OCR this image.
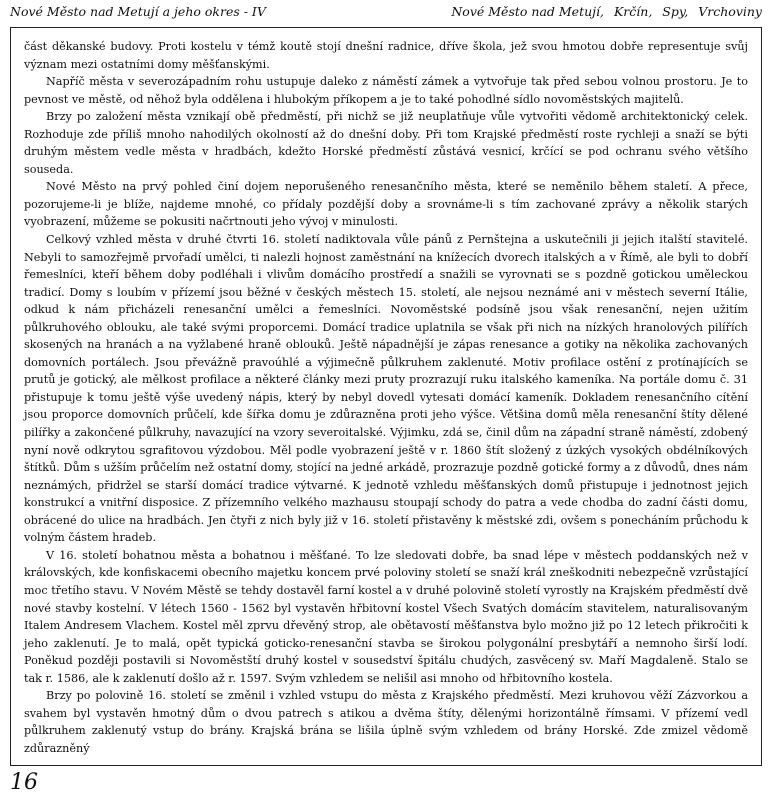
Nové Město nad Metují a jeho okres - IV	Nové Město nad Metují, Krčín, Spy, Vrchoviny

část děkanské budovy. Proti kostelu v témž koutě stojí dnešní radnice, dříve škola, jež svou hmotou dobře representuje svůj význam mezi ostatními domy měšťanskými.

Napříč města v severozápadním rohu ustupuje daleko z náměstí zámek a vytvořuje tak před sebou volnou prostoru. Je to pevnost ve městě, od něhož byla oddělena i hlubokým příkopem a je to také pohodlné sídlo novoměstských majitelů.

Brzy po založení města vznikají obě předměstí, při nichž se již neuplatňuje vůle vytvořiti vědomě architektonický celek. Rozhoduje zde příliš mnoho nahodilých okolností až do dnešní doby. Při tom Krajské předměstí roste rychleji a snaží se býti druhým městem vedle města v hradbách, kdežto Horské předměstí zůstává vesnicí, krčící se pod ochranu svého většího souseda.

Nové Město na prvý pohled činí dojem neporušeného renesančního města, které se neměnilo během staletí. A přece, pozorujeme-li je blíže, najdeme mnohé, co přídaly pozdější doby a srovnáme-li s tím zachované zprávy a několik starých vyobrazení, můžeme se pokusiti načrtnouti jeho vývoj v minulosti.

Celkový vzhled města v druhé čtvrti 16. století nadiktovala vůle pánů z Pernštejna a uskutečnili ji jejich italští stavitelé. Nebyli to samozřejmě prvořadí umělci, ti nalezli hojnost zaměstnání na knížecích dvorech italských a v Římě, ale byli to dobří řemeslníci, kteří během doby podléhali i vlivům domácího prostředí a snažili se vyrovnati se s pozdně gotickou uměleckou tradicí. Domy s loubím v přízemí jsou běžné v českých městech 15. století, ale nejsou neznámé ani v městech severní Itálie, odkud k nám přicházeli renesanční umělci a řemeslníci. Novoměstské podsíně jsou však renesanční, nejen užitím půlkruhového oblouku, ale také svými proporcemi. Domácí tradice uplatnila se však při nich na nízkých hranolových pilířích skosených na hranách a na vyžlabené hraně oblouků. Ještě nápadnější je zápas renesance a gotiky na několika zachovaných domovních portálech. Jsou převážně pravoúhlé a výjimečně půlkruhem zaklenuté. Motiv profilace ostění z protínajících se prutů je gotický, ale mělkost profilace a některé články mezi pruty prozrazují ruku italského kameníka. Na portále domu č. 31 přistupuje k tomu ještě výše uvedený nápis, který by nebyl dovedl vytesati domácí kameník. Dokladem renesančního cítění jsou proporce domovních průčelí, kde šířka domu je zdůrazněna proti jeho výšce. Většina domů měla renesanční štíty dělené pilířky a zakončené půlkruhy, navazující na vzory severoitalské. Výjimku, zdá se, činil dům na západní straně náměstí, zdobený nyní nově odkrytou sgrafitovou výzdobou. Měl podle vyobrazení ještě v r. 1860 štít složený z úzkých vysokých obdélníkových štítků. Dům s užším průčelím než ostatní domy, stojící na jedné arkádě, prozrazuje pozdně gotické formy a z důvodů, dnes nám neznámých, přidržel se starší domácí tradice výtvarné. K jednotě vzhledu měšťanských domů přistupuje i jednotnost jejich konstrukcí a vnitřní disposice. Z přízemního velkého mazhausu stoupají schody do patra a vede chodba do zadní části domu, obrácené do ulice na hradbách. Jen čtyři z nich byly již v 16. století přistavěny k městské zdi, ovšem s ponecháním průchodu k volným částem hradeb.

V 16. století bohatnou města a bohatnou i měšťané. To lze sledovati dobře, ba snad lépe v městech poddanských než v královských, kde konfiskacemi obecního majetku koncem prvé poloviny století se snaží král zneškodniti nebezpečně vzrůstající moc třetího stavu. V Novém Městě se tehdy dostavěl farní kostel a v druhé polovině století vyrostly na Krajském předměstí dvě nové stavby kostelní. V létech 1560 - 1562 byl vystavěn hřbitovní kostel Všech Svatých domácím stavitelem, naturalisovaným Italem Andresem Vlachem. Kostel měl zprvu dřevěný strop, ale obětavostí měšťanstva bylo možno již po 12 letech přikročiti k jeho zaklenutí. Je to malá, opět typická goticko-renesanční stavba se širokou polygonální presbytáří a nemnoho širší lodí. Poněkud později postavili si Novoměstští druhý kostel v sousedství špitálu chudých, zasvěcený sv. Maří Magdaleně. Stalo se tak r. 1586, ale k zaklenutí došlo až r. 1597. Svým vzhledem se nelišil asi mnoho od hřbitovního kostela.

Brzy po polovině 16. století se změnil i vzhled vstupu do města z Krajského předměstí. Mezi kruhovou věží Zázvorkou a svahem byl vystavěn hmotný dům o dvou patrech s atikou a dvěma štíty, dělenými horizontálně římsami. V přízemí vedl půlkruhem zaklenutý vstup do brány. Krajská brána se lišila úplně svým vzhledem od brány Horské. Zde zmizel vědomě zdůrazněný

16
